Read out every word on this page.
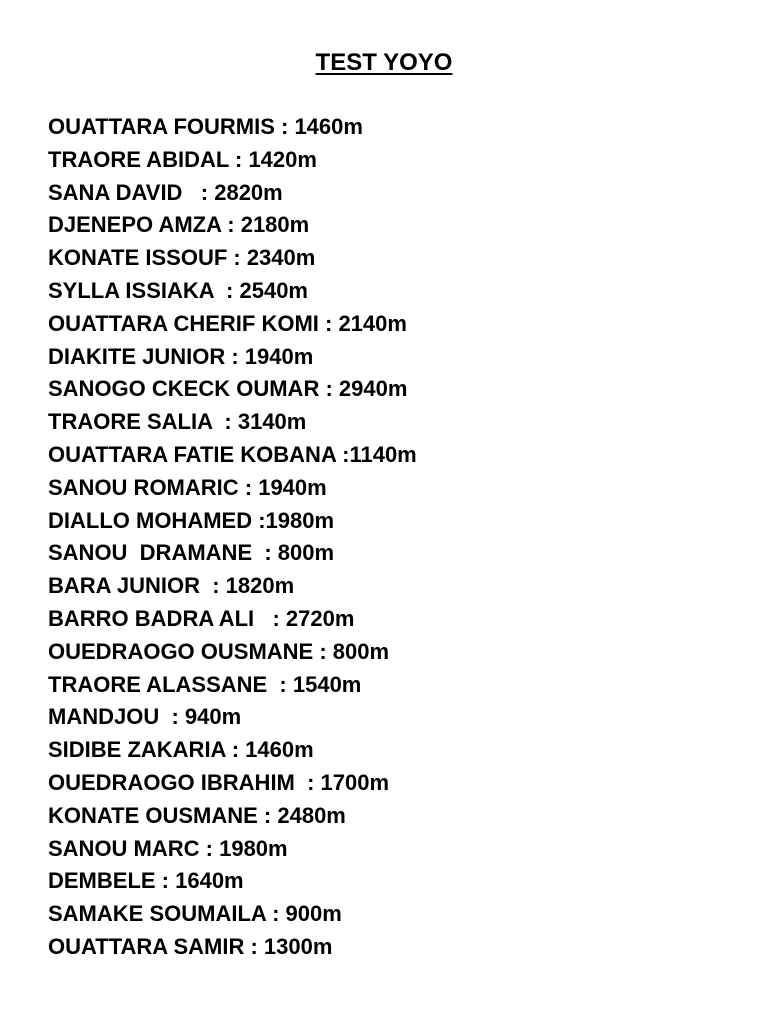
TEST YOYO
OUATTARA FOURMIS : 1460m
TRAORE ABIDAL : 1420m
SANA DAVID   : 2820m
DJENEPO AMZA : 2180m
KONATE ISSOUF : 2340m
SYLLA ISSIAKA  : 2540m
OUATTARA CHERIF KOMI : 2140m
DIAKITE JUNIOR : 1940m
SANOGO CKECK OUMAR : 2940m
TRAORE SALIA  : 3140m
OUATTARA FATIE KOBANA :1140m
SANOU ROMARIC : 1940m
DIALLO MOHAMED :1980m
SANOU  DRAMANE  : 800m
BARA JUNIOR  : 1820m
BARRO BADRA ALI   : 2720m
OUEDRAOGO OUSMANE : 800m
TRAORE ALASSANE  : 1540m
MANDJOU  : 940m
SIDIBE ZAKARIA : 1460m
OUEDRAOGO IBRAHIM  : 1700m
KONATE OUSMANE : 2480m
SANOU MARC : 1980m
DEMBELE : 1640m
SAMAKE SOUMAILA : 900m
OUATTARA SAMIR : 1300m
